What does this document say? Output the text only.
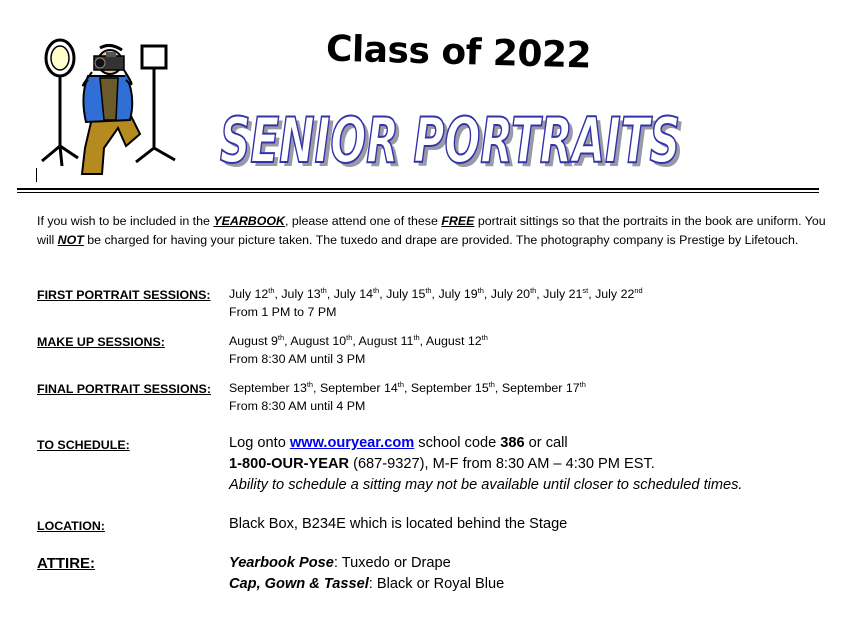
Class of 2022
SENIOR PORTRAITS
SENIOR PORTRAITS
If you wish to be included in the YEARBOOK, please attend one of these FREE portrait sittings so that the portraits in the book are uniform. You will NOT be charged for having your picture taken. The tuxedo and drape are provided. The photography company is Prestige by Lifetouch.
FIRST PORTRAIT SESSIONS: July 12th, July 13th, July 14th, July 15th, July 19th, July 20th, July 21st, July 22nd
From 1 PM to 7 PM
MAKE UP SESSIONS:	August 9th, August 10th, August 11th, August 12th
From 8:30 AM until 3 PM
FINAL PORTRAIT SESSIONS: September 13th, September 14th, September 15th, September 17th
From 8:30 AM until 4 PM
TO SCHEDULE:	Log onto www.ouryear.com school code 386 or call
1-800-OUR-YEAR (687-9327), M-F from 8:30 AM – 4:30 PM EST.
Ability to schedule a sitting may not be available until closer to scheduled times.
LOCATION:	Black Box, B234E which is located behind the Stage
ATTIRE:	Yearbook Pose: Tuxedo or Drape
Cap, Gown & Tassel: Black or Royal Blue
